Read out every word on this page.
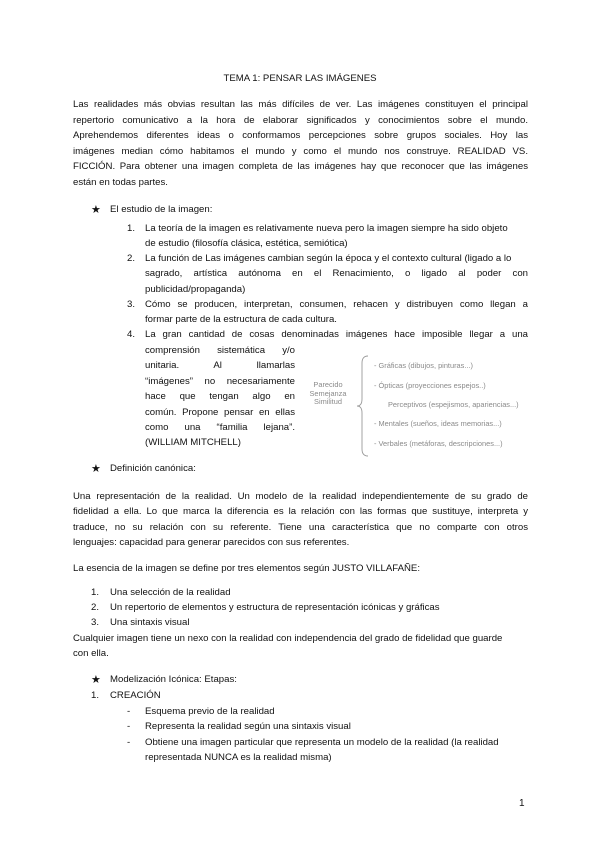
TEMA 1: PENSAR LAS IMÁGENES
Las realidades más obvias resultan las más difíciles de ver. Las imágenes constituyen el principal
repertorio comunicativo a la hora de elaborar significados y conocimientos sobre el mundo.
Aprehendemos diferentes ideas o conformamos percepciones sobre grupos sociales. Hoy las
imágenes median cómo habitamos el mundo y como el mundo nos construye. REALIDAD VS.
FICCIÓN. Para obtener una imagen completa de las imágenes hay que reconocer que las imágenes
están en todas partes.
★ El estudio de la imagen:
1. La teoría de la imagen es relativamente nueva pero la imagen siempre ha sido objeto
de estudio (filosofía clásica, estética, semiótica)
2. La función de Las imágenes cambian según la época y el contexto cultural (ligado a lo
sagrado, artística autónoma en el Renacimiento, o ligado al poder con
publicidad/propaganda)
3. Cómo se producen, interpretan, consumen, rehacen y distribuyen como llegan a
formar parte de la estructura de cada cultura.
4. La gran cantidad de cosas denominadas imágenes hace imposible llegar a una
comprensión sistemática y/o
unitaria. Al llamarlas
“imágenes” no necesariamente
hace que tengan algo en
común. Propone pensar en ellas
como una “familia lejana”.
(WILLIAM MITCHELL)
Parecido
Semejanza
Similitud
- Gráficas (dibujos, pinturas...)
- Ópticas (proyecciones espejos..)
Perceptivos (espejismos, apariencias...)
- Mentales (sueños, ideas memorias...)
- Verbales (metáforas, descripciones...)
★ Definición canónica:
Una representación de la realidad. Un modelo de la realidad independientemente de su grado de
fidelidad a ella. Lo que marca la diferencia es la relación con las formas que sustituye, interpreta y
traduce, no su relación con su referente. Tiene una característica que no comparte con otros
lenguajes: capacidad para generar parecidos con sus referentes.
La esencia de la imagen se define por tres elementos según JUSTO VILLAFAÑE:
1. Una selección de la realidad
2. Un repertorio de elementos y estructura de representación icónicas y gráficas
3. Una sintaxis visual
Cualquier imagen tiene un nexo con la realidad con independencia del grado de fidelidad que guarde
con ella.
★ Modelización Icónica: Etapas:
1. CREACIÓN
- Esquema previo de la realidad
- Representa la realidad según una sintaxis visual
- Obtiene una imagen particular que representa un modelo de la realidad (la realidad
representada NUNCA es la realidad misma)
1
